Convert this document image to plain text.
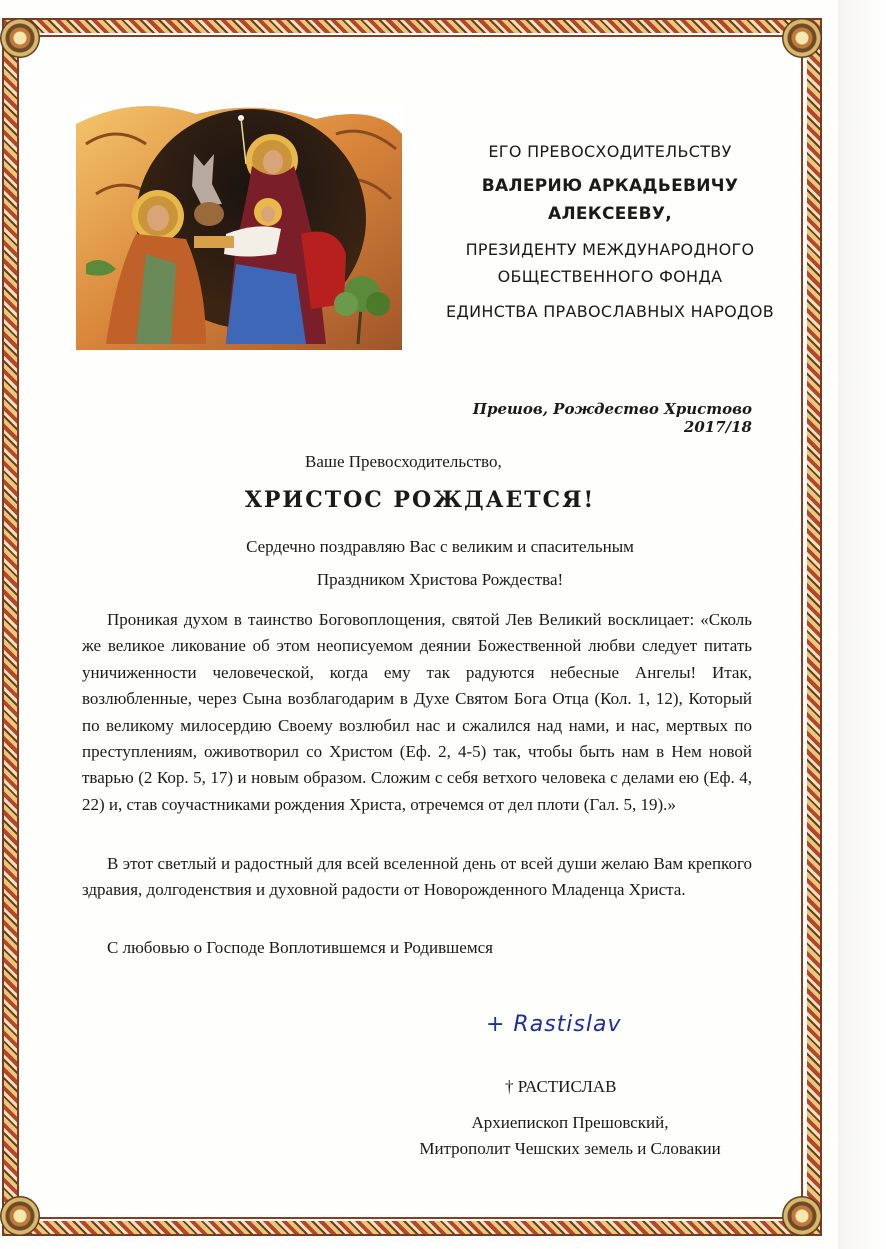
ЕГО ПРЕВОСХОДИТЕЛЬСТВУ
ВАЛЕРИЮ АРКАДЬЕВИЧУ
АЛЕКСЕЕВУ,
ПРЕЗИДЕНТУ МЕЖДУНАРОДНОГО
ОБЩЕСТВЕННОГО ФОНДА
ЕДИНСТВА ПРАВОСЛАВНЫХ НАРОДОВ
Прешов, Рождество Христово 2017/18
Ваше Превосходительство,
ХРИСТОС РОЖДАЕТСЯ!
Сердечно поздравляю Вас с великим и спасительным
Праздником Христова Рождества!
Проникая духом в таинство Боговоплощения, святой Лев Великий восклицает: «Сколь же великое ликование об этом неописуемом деянии Божественной любви следует питать уничиженности человеческой, когда ему так радуются небесные Ангелы! Итак, возлюбленные, через Сына возблагодарим в Духе Святом Бога Отца (Кол. 1, 12), Который по великому милосердию Своему возлюбил нас и сжалился над нами, и нас, мертвых по преступлениям, оживотворил со Христом (Еф. 2, 4-5) так, чтобы быть нам в Нем новой тварью (2 Кор. 5, 17) и новым образом. Сложим с себя ветхого человека с делами ею (Еф. 4, 22) и, став соучастниками рождения Христа, отречемся от дел плоти (Гал. 5, 19).»
В этот светлый и радостный для всей вселенной день от всей души желаю Вам крепкого здравия, долгоденствия и духовной радости от Новорожденного Младенца Христа.
С любовью о Господе Воплотившемся и Родившемся
+ Rastislav
† РАСТИСЛАВ
Архиепископ Прешовский,
Митрополит Чешских земель и Словакии
